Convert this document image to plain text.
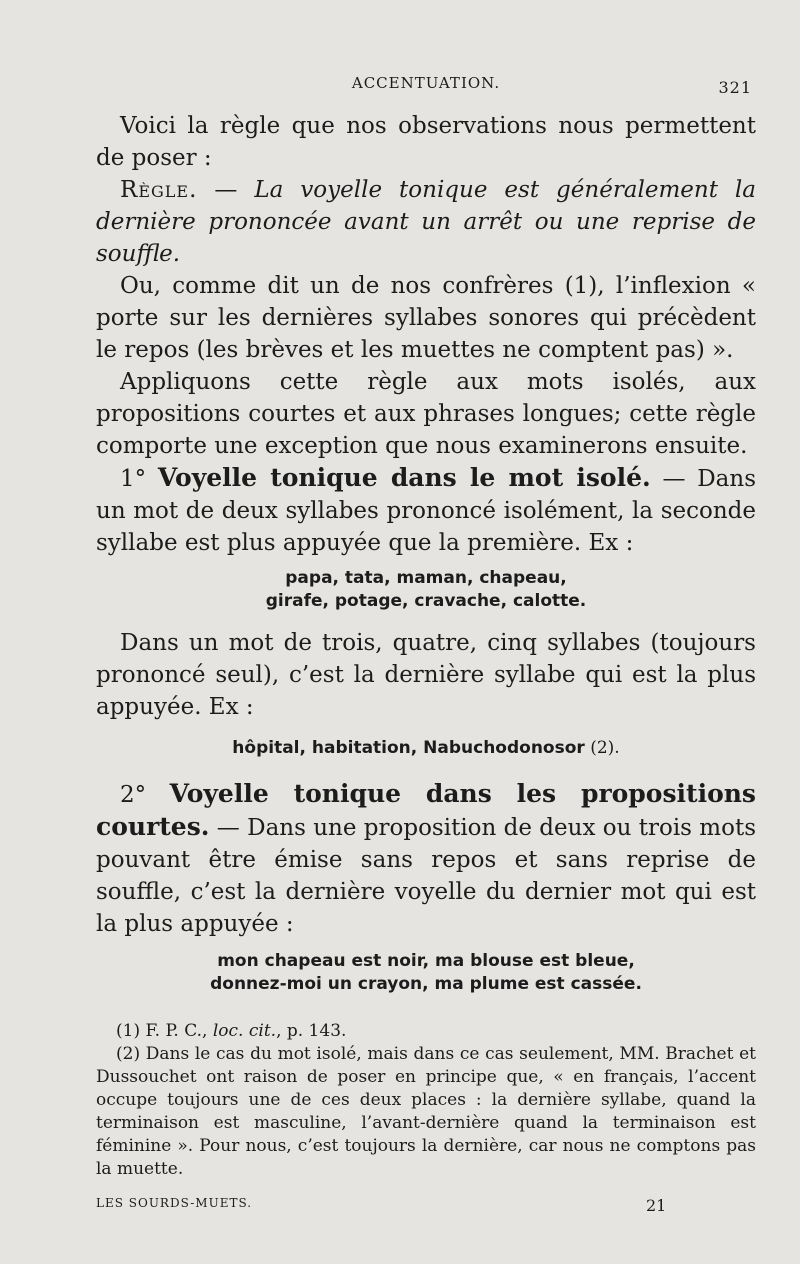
ACCENTUATION.	321

Voici la règle que nos observations nous permettent de poser :

Règle. — La voyelle tonique est généralement la dernière prononcée avant un arrêt ou une reprise de souffle.

Ou, comme dit un de nos confrères (1), l’inflexion « porte sur les dernières syllabes sonores qui précèdent le repos (les brèves et les muettes ne comptent pas) ».

Appliquons cette règle aux mots isolés, aux propositions courtes et aux phrases longues; cette règle comporte une exception que nous examinerons ensuite.

1° Voyelle tonique dans le mot isolé. — Dans un mot de deux syllabes prononcé isolément, la seconde syllabe est plus appuyée que la première. Ex :

papa, tata, maman, chapeau,

girafe, potage, cravache, calotte.

Dans un mot de trois, quatre, cinq syllabes (toujours prononcé seul), c’est la dernière syllabe qui est la plus appuyée. Ex :

hôpital, habitation, Nabuchodonosor (2).

2° Voyelle tonique dans les propositions courtes. — Dans une proposition de deux ou trois mots pouvant être émise sans repos et sans reprise de souffle, c’est la dernière voyelle du dernier mot qui est la plus appuyée :

mon chapeau est noir, ma blouse est bleue,

donnez-moi un crayon, ma plume est cassée.

(1) F. P. C., loc. cit., p. 143.

(2) Dans le cas du mot isolé, mais dans ce cas seulement, MM. Brachet et Dussouchet ont raison de poser en principe que, « en français, l’accent occupe toujours une de ces deux places : la dernière syllabe, quand la terminaison est masculine, l’avant-dernière quand la terminaison est féminine ». Pour nous, c’est toujours la dernière, car nous ne comptons pas la muette.

LES SOURDS-MUETS.	21
